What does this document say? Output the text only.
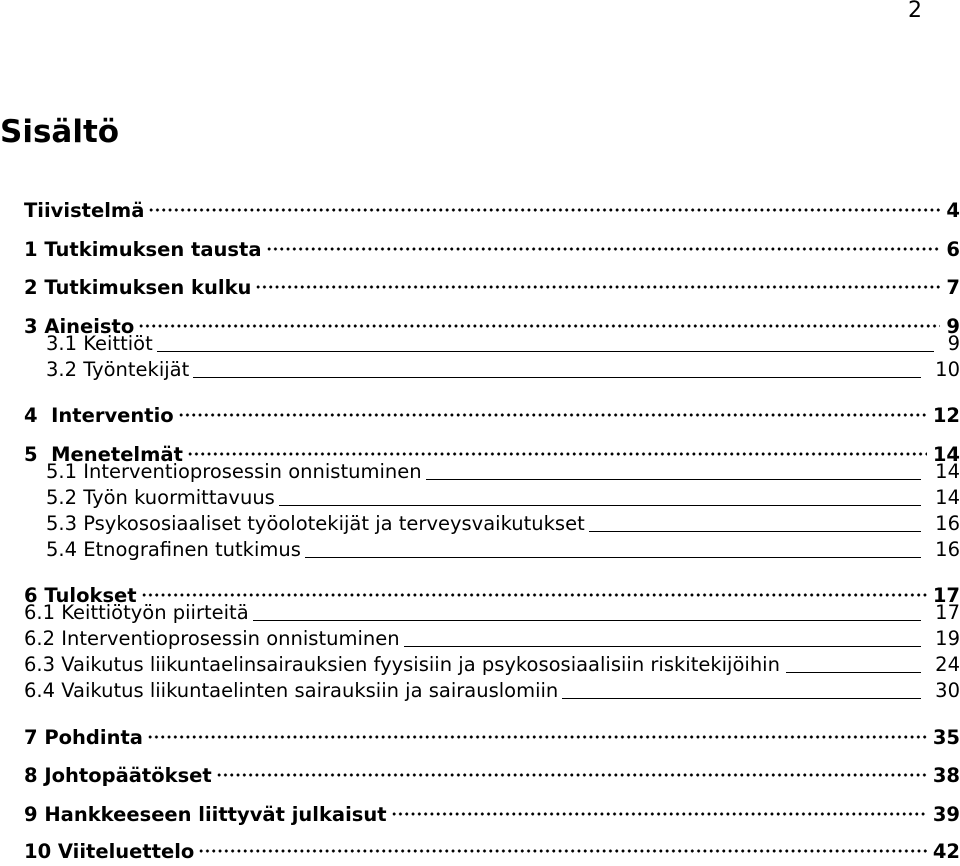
2
Sisältö
Tiivistelmä	4
1 Tutkimuksen tausta	6
2 Tutkimuksen kulku	7
3 Aineisto	9
3.1 Keittiöt	9
3.2 Työntekijät	10
4  Interventio	12
5  Menetelmät	14
5.1 Interventioprosessin onnistuminen	14
5.2 Työn kuormittavuus	14
5.3 Psykososiaaliset työolotekijät ja terveysvaikutukset	16
5.4 Etnografinen tutkimus	16
6 Tulokset	17
6.1 Keittiötyön piirteitä	17
6.2 Interventioprosessin onnistuminen	19
6.3 Vaikutus liikuntaelinsairauksien fyysisiin ja psykososiaalisiin riskitekijöihin	24
6.4 Vaikutus liikuntaelinten sairauksiin ja sairauslomiin	30
7 Pohdinta	35
8 Johtopäätökset	38
9 Hankkeeseen liittyvät julkaisut	39
10 Viiteluettelo	42
